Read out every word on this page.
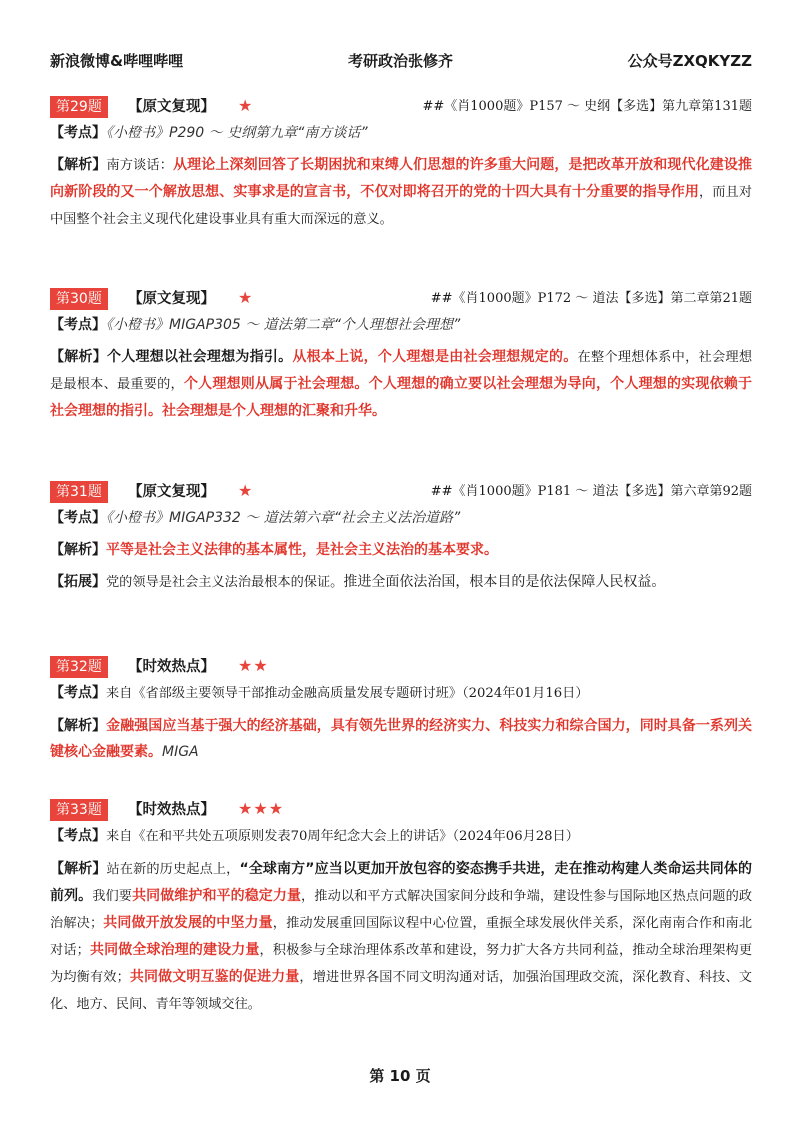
新浪微博&哔哩哔哩	考研政治张修齐	公众号ZXQKYZZ
第29题	【原文复现】 ★	##《肖1000题》P157 ～ 史纲【多选】第九章第131题

【考点】《小橙书》P290 ～ 史纲第九章“南方谈话”

【解析】南方谈话：从理论上深刻回答了长期困扰和束缚人们思想的许多重大问题，是把改革开放和现代化建设推向新阶段的又一个解放思想、实事求是的宣言书，不仅对即将召开的党的十四大具有十分重要的指导作用，而且对中国整个社会主义现代化建设事业具有重大而深远的意义。

第30题	【原文复现】 ★	##《肖1000题》P172 ～ 道法【多选】第二章第21题

【考点】《小橙书》MIGAP305 ～ 道法第二章“个人理想社会理想”

【解析】个人理想以社会理想为指引。从根本上说，个人理想是由社会理想规定的。在整个理想体系中，社会理想是最根本、最重要的，个人理想则从属于社会理想。个人理想的确立要以社会理想为导向，个人理想的实现依赖于社会理想的指引。社会理想是个人理想的汇聚和升华。

第31题	【原文复现】 ★	##《肖1000题》P181 ～ 道法【多选】第六章第92题

【考点】《小橙书》MIGAP332 ～ 道法第六章“社会主义法治道路”

【解析】平等是社会主义法律的基本属性，是社会主义法治的基本要求。

【拓展】党的领导是社会主义法治最根本的保证。推进全面依法治国，根本目的是依法保障人民权益。

第32题	【时效热点】 ★★

【考点】来自《省部级主要领导干部推动金融高质量发展专题研讨班》（2024年01月16日）

【解析】金融强国应当基于强大的经济基础，具有领先世界的经济实力、科技实力和综合国力，同时具备一系列关键核心金融要素。MIGA

第33题	【时效热点】 ★★★

【考点】来自《在和平共处五项原则发表70周年纪念大会上的讲话》（2024年06月28日）

【解析】站在新的历史起点上，“全球南方”应当以更加开放包容的姿态携手共进，走在推动构建人类命运共同体的前列。我们要共同做维护和平的稳定力量，推动以和平方式解决国家间分歧和争端，建设性参与国际地区热点问题的政治解决；共同做开放发展的中坚力量，推动发展重回国际议程中心位置，重振全球发展伙伴关系，深化南南合作和南北对话；共同做全球治理的建设力量，积极参与全球治理体系改革和建设，努力扩大各方共同利益，推动全球治理架构更为均衡有效；共同做文明互鉴的促进力量，增进世界各国不同文明沟通对话，加强治国理政交流，深化教育、科技、文化、地方、民间、青年等领域交往。

第 10 页
